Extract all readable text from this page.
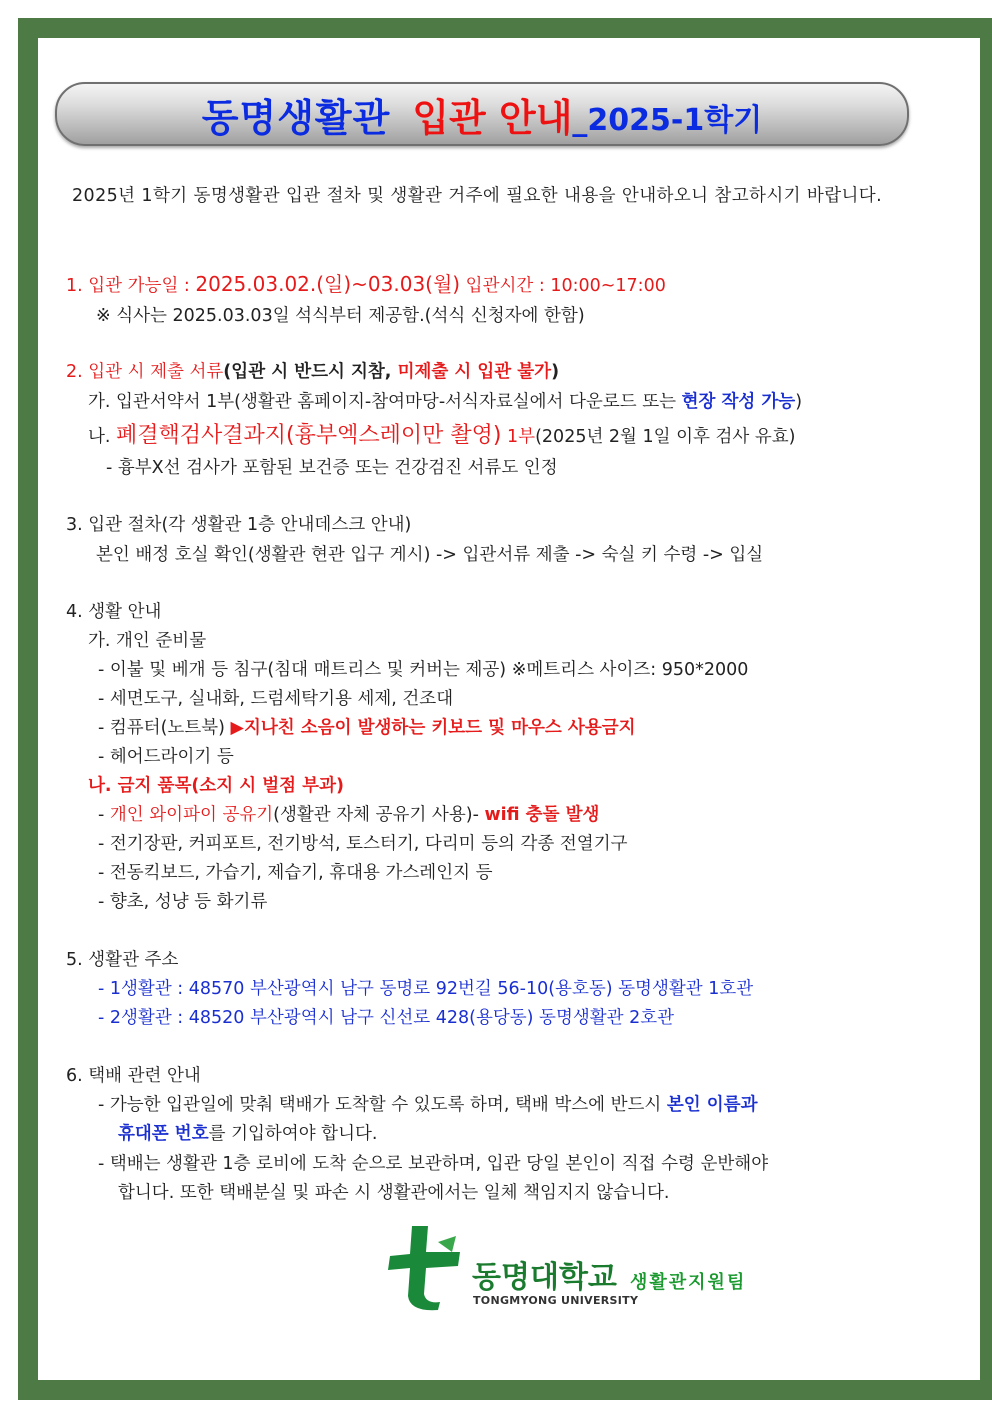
동명생활관 입관 안내 _2025-1학기
2025년 1학기 동명생활관 입관 절차 및 생활관 거주에 필요한 내용을 안내하오니 참고하시기 바랍니다.
1. 입관 가능일 : 2025.03.02.(일)~03.03(월) 입관시간 : 10:00~17:00
※ 식사는 2025.03.03일 석식부터 제공함.(석식 신청자에 한함)
2. 입관 시 제출 서류(입관 시 반드시 지참, 미제출 시 입관 불가)
가. 입관서약서 1부(생활관 홈페이지-참여마당-서식자료실에서 다운로드 또는 현장 작성 가능)
나. 폐결핵검사결과지(흉부엑스레이만 촬영) 1부(2025년 2월 1일 이후 검사 유효)
- 흉부X선 검사가 포함된 보건증 또는 건강검진 서류도 인정
3. 입관 절차(각 생활관 1층 안내데스크 안내)
본인 배정 호실 확인(생활관 현관 입구 게시) -> 입관서류 제출 -> 숙실 키 수령 -> 입실
4. 생활 안내
가. 개인 준비물
- 이불 및 베개 등 침구(침대 매트리스 및 커버는 제공) ※메트리스 사이즈: 950*2000
- 세면도구, 실내화, 드럼세탁기용 세제, 건조대
- 컴퓨터(노트북) ▶지나친 소음이 발생하는 키보드 및 마우스 사용금지
- 헤어드라이기 등
나. 금지 품목(소지 시 벌점 부과)
- 개인 와이파이 공유기(생활관 자체 공유기 사용)- wifi 충돌 발생
- 전기장판, 커피포트, 전기방석, 토스터기, 다리미 등의 각종 전열기구
- 전동킥보드, 가습기, 제습기, 휴대용 가스레인지 등
- 향초, 성냥 등 화기류
5. 생활관 주소
- 1생활관 : 48570 부산광역시 남구 동명로 92번길 56-10(용호동) 동명생활관 1호관
- 2생활관 : 48520 부산광역시 남구 신선로 428(용당동) 동명생활관 2호관
6. 택배 관련 안내
- 가능한 입관일에 맞춰 택배가 도착할 수 있도록 하며, 택배 박스에 반드시 본인 이름과
휴대폰 번호를 기입하여야 합니다.
- 택배는 생활관 1층 로비에 도착 순으로 보관하며, 입관 당일 본인이 직접 수령 운반해야
합니다. 또한 택배분실 및 파손 시 생활관에서는 일체 책임지지 않습니다.
동명대학교
TONGMYONG UNIVERSITY
생활관지원팀
